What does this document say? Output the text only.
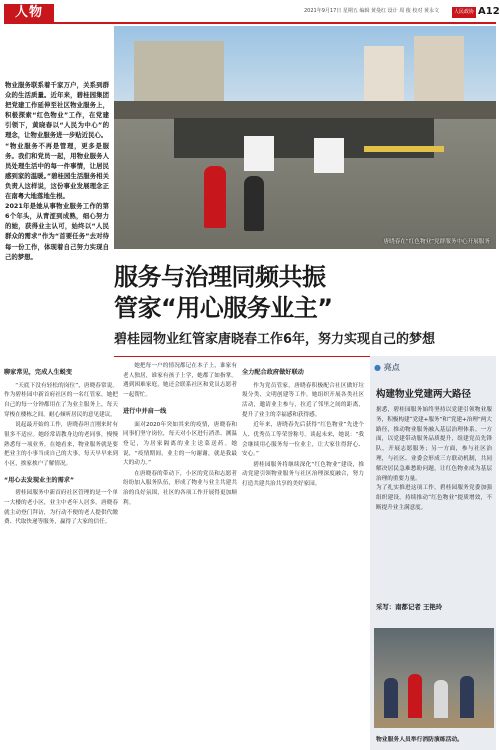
人物	2021年9月17日 星期五 编辑 黄曼红 设计 周 俊 校对 黄永文	人民政协 A12
物业服务联系着千家万户，关系到群众的生活质量。近年来，碧桂园集团把党建工作延伸至社区物业服务上，积极探索“红色物业”工作，在党建引领下，黄晓春以“人民为中心”的理念，让物业服务进一步贴近民心。
“物业服务不再是管理，更多是服务。我们和党员一起，用物业服务人员处理生活中的每一件事情，让居民感到家的温暖。”碧桂园生活服务相关负责人这样说，这份事业发展理念正在南粤大地落地生根。
2021年是她从事物业服务工作的第6个年头，从青涩到成熟，细心努力的她，获得业主认可，始终以“人民群众的需求”作为“首要任务”去对待每一份工作，体现着自己努力实现自己的梦想。
唐晓春在“红色物业”党群服务中心开展服务
服务与治理同频共振
管家“用心服务业主”
碧桂园物业红管家唐晓春工作6年，努力实现自己的梦想
聊家常见，完成人生蜕变

“天底下没有轻松的岗位”，唐晓春常说。作为碧桂园中新首府社区的一名红管家，她把自己的每一分钟都用在了为业主服务上，每天穿梭在楼栋之间，耐心倾听居民的意见建议。

说起最开始的工作，唐晓春坦言刚来时有很多不适应。她经常请教身边的老同事，慢慢熟悉每一项业务。在她看来，物业服务就是要把业主的小事当成自己的大事，每天早早来到小区，挨家挨户了解情况。

“用心去发现业主的需求”

碧桂园服务中新首府社区管理的是一个单一大楼的老小区，业主中老年人居多。唐晓春就主动登门拜访，为行动不便的老人提供代缴费、代取快递等服务，赢得了大家的信任。

她把每一户的情况都记在本子上，谁家有老人独居，谁家有孩子上学，她都了如指掌。遇到困难家庭，她还会联系社区和党员志愿者一起帮忙。

进行中并肩一线

面对2020年突如其来的疫情，唐晓春和同事们坚守岗位，每天对小区进行消杀、测温登记，为居家隔离的业主送菜送药。她说，“疫情期间，业主的一句谢谢，就是我最大的动力。”

在唐晓春的带动下，小区的党员和志愿者纷纷加入服务队伍，形成了物业与业主共建共治的良好氛围，社区的各项工作开展得更加顺利。

全力配合政府做好联动

作为党员管家，唐晓春积极配合社区做好垃圾分类、文明创建等工作。她组织开展各类社区活动，邀请业主参与，拉近了邻里之间的距离，提升了业主的幸福感和获得感。

近年来，唐晓春先后获得“红色物业”先进个人、优秀员工等荣誉称号。谈起未来，她说：“我会继续用心服务每一位业主，让大家住得舒心、安心。”

碧桂园服务将继续深化“红色物业”建设，推动党建引领物业服务与社区治理深度融合，努力打造共建共治共享的美好家园。

● 亮点
构建物业党建两大路径
据悉，碧桂园服务始终坚持以党建引领物业服务，积极构建“党建+服务”和“党建+治理”两大路径，推动物业服务融入基层治理体系。一方面，以党建带动服务品质提升，组建党员先锋队，开展志愿服务；另一方面，参与社区治理，与社区、业委会形成三方联动机制，共同解决居民急难愁盼问题，让红色物业成为基层治理的重要力量。
为了扎实推进这项工作，碧桂园服务党委加强组织建设，持续推动“红色物业”提质增效，不断提升业主满意度。
采写：南都记者 王艳玲
物业服务人员举行消防演练活动。
